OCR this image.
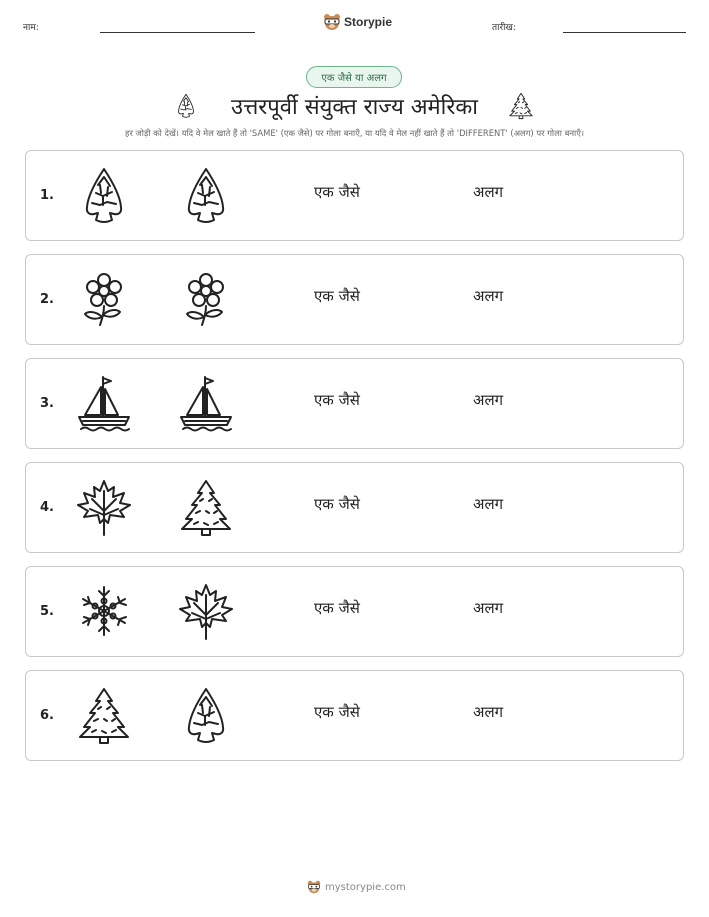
नाम:	Storypie	तारीख:
एक जैसे या अलग
उत्तरपूर्वी संयुक्त राज्य अमेरिका
हर जोड़ी को देखें। यदि वे मेल खाते हैं तो 'SAME' (एक जैसे) पर गोला बनाएँ, या यदि वे मेल नहीं खाते हैं तो 'DIFFERENT' (अलग) पर गोला बनाएँ।
1.	एक जैसे	अलग
2.	एक जैसे	अलग
3.	एक जैसे	अलग
4.	एक जैसे	अलग
5.	एक जैसे	अलग
6.	एक जैसे	अलग
mystorypie.com
